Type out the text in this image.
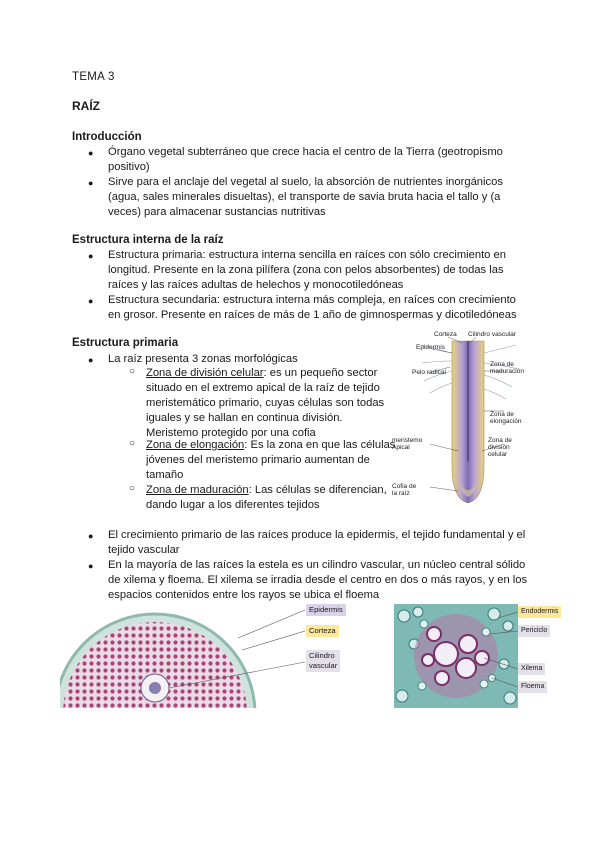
TEMA 3
RAÍZ
Introducción
● Órgano vegetal subterráneo que crece hacia el centro de la Tierra (geotropismo
positivo)
● Sirve para el anclaje del vegetal al suelo, la absorción de nutrientes inorgánicos
(agua, sales minerales disueltas), el transporte de savia bruta hacia el tallo y (a
veces) para almacenar sustancias nutritivas
Estructura interna de la raíz
● Estructura primaria: estructura interna sencilla en raíces con sólo crecimiento en
longitud. Presente en la zona pilífera (zona con pelos absorbentes) de todas las
raíces y las raíces adultas de helechos y monocotiledóneas
● Estructura secundaria: estructura interna más compleja, en raíces con crecimiento
en grosor. Presente en raíces de más de 1 año de gimnospermas y dicotiledóneas
Estructura primaria
● La raíz presenta 3 zonas morfológicas
○ Zona de división celular: es un pequeño sector
situado en el extremo apical de la raíz de tejido
meristemático primario, cuyas células son todas
iguales y se hallan en continua división.
Meristemo protegido por una cofia
○ Zona de elongación: Es la zona en que las células
jóvenes del meristemo primario aumentan de
tamaño
○ Zona de maduración: Las células se diferencian,
dando lugar a los diferentes tejidos
Corteza Cilindro vascular
Epidermis
Pelo radical
Zona de
maduración
Zona de
elongación
meristemo
Apical
Zona de división
celular
Cofia de
la raíz
● El crecimiento primario de las raíces produce la epidermis, el tejido fundamental y el
tejido vascular
● En la mayoría de las raíces la estela es un cilindro vascular, un núcleo central sólido
de xilema y floema. El xilema se irradia desde el centro en dos o más rayos, y en los
espacios contenidos entre los rayos se ubica el floema
Epidermis
Corteza
Cilindro
vascular
Endodermis
Periciclo
Xilema
Floema
